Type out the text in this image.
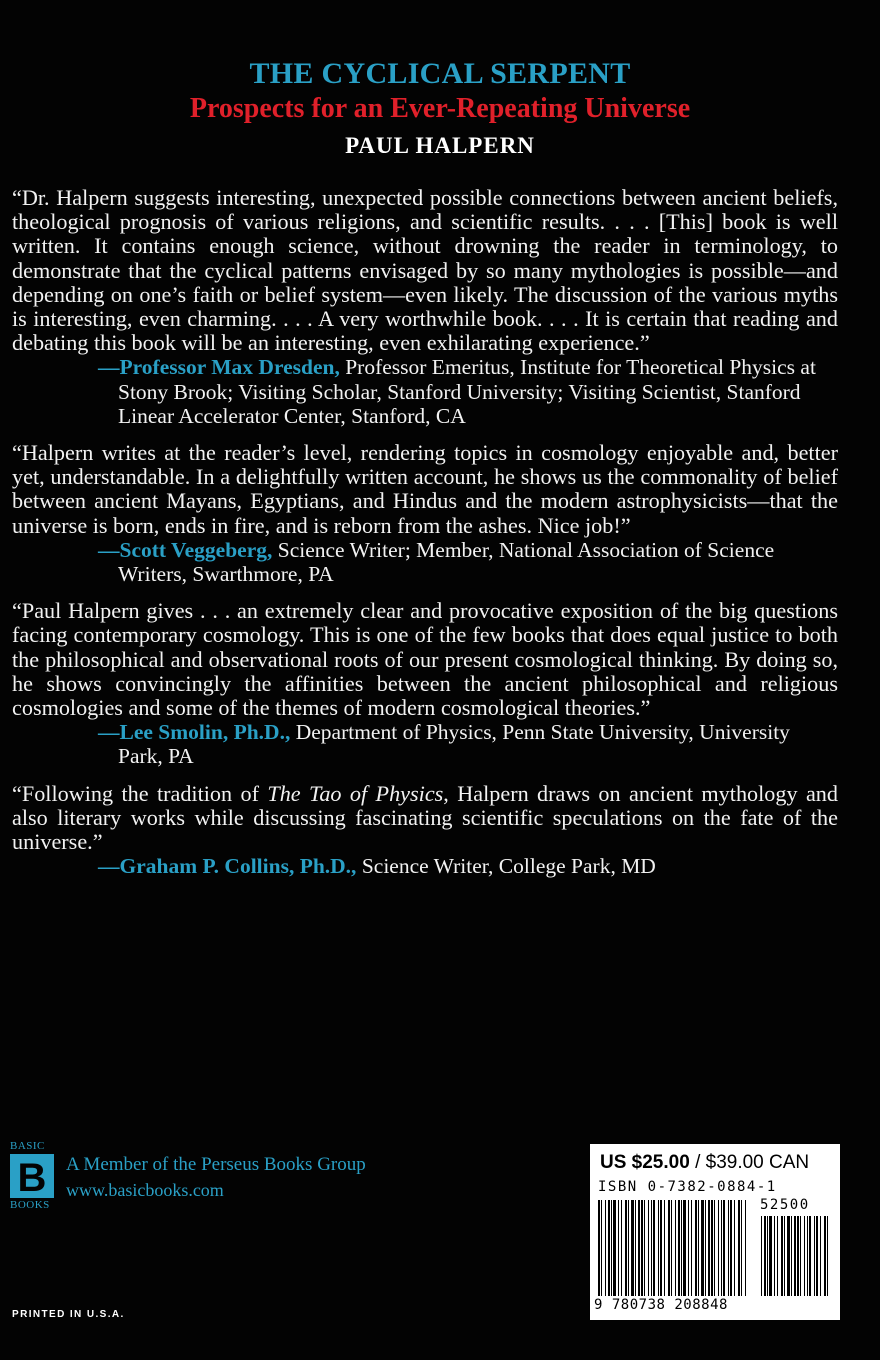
THE CYCLICAL SERPENT
Prospects for an Ever-Repeating Universe
PAUL HALPERN

“Dr. Halpern suggests interesting, unexpected possible connections between ancient beliefs, theological prognosis of various religions, and scientific results. . . . [This] book is well written. It contains enough science, without drowning the reader in terminology, to demonstrate that the cyclical patterns envisaged by so many mythologies is possible—and depending on one’s faith or belief system—even likely. The discussion of the various myths is interesting, even charming. . . . A very worthwhile book. . . . It is certain that reading and debating this book will be an interesting, even exhilarating experience.”

—Professor Max Dresden, Professor Emeritus, Institute for Theoretical Physics at Stony Brook; Visiting Scholar, Stanford University; Visiting Scientist, Stanford Linear Accelerator Center, Stanford, CA

“Halpern writes at the reader’s level, rendering topics in cosmology enjoyable and, better yet, understandable. In a delightfully written account, he shows us the commonality of belief between ancient Mayans, Egyptians, and Hindus and the modern astrophysicists—that the universe is born, ends in fire, and is reborn from the ashes. Nice job!”

—Scott Veggeberg, Science Writer; Member, National Association of Science Writers, Swarthmore, PA

“Paul Halpern gives . . . an extremely clear and provocative exposition of the big questions facing contemporary cosmology. This is one of the few books that does equal justice to both the philosophical and observational roots of our present cosmological thinking. By doing so, he shows convincingly the affinities between the ancient philosophical and religious cosmologies and some of the themes of modern cosmological theories.”

—Lee Smolin, Ph.D., Department of Physics, Penn State University, University Park, PA

“Following the tradition of The Tao of Physics, Halpern draws on ancient mythology and also literary works while discussing fascinating scientific speculations on the fate of the universe.”

—Graham P. Collins, Ph.D., Science Writer, College Park, MD

BASIC
B
BOOKS
A Member of the Perseus Books Group
www.basicbooks.com
PRINTED IN U.S.A.
US $25.00 / $39.00 CAN
ISBN 0-7382-0884-1
52500
9 780738 208848
